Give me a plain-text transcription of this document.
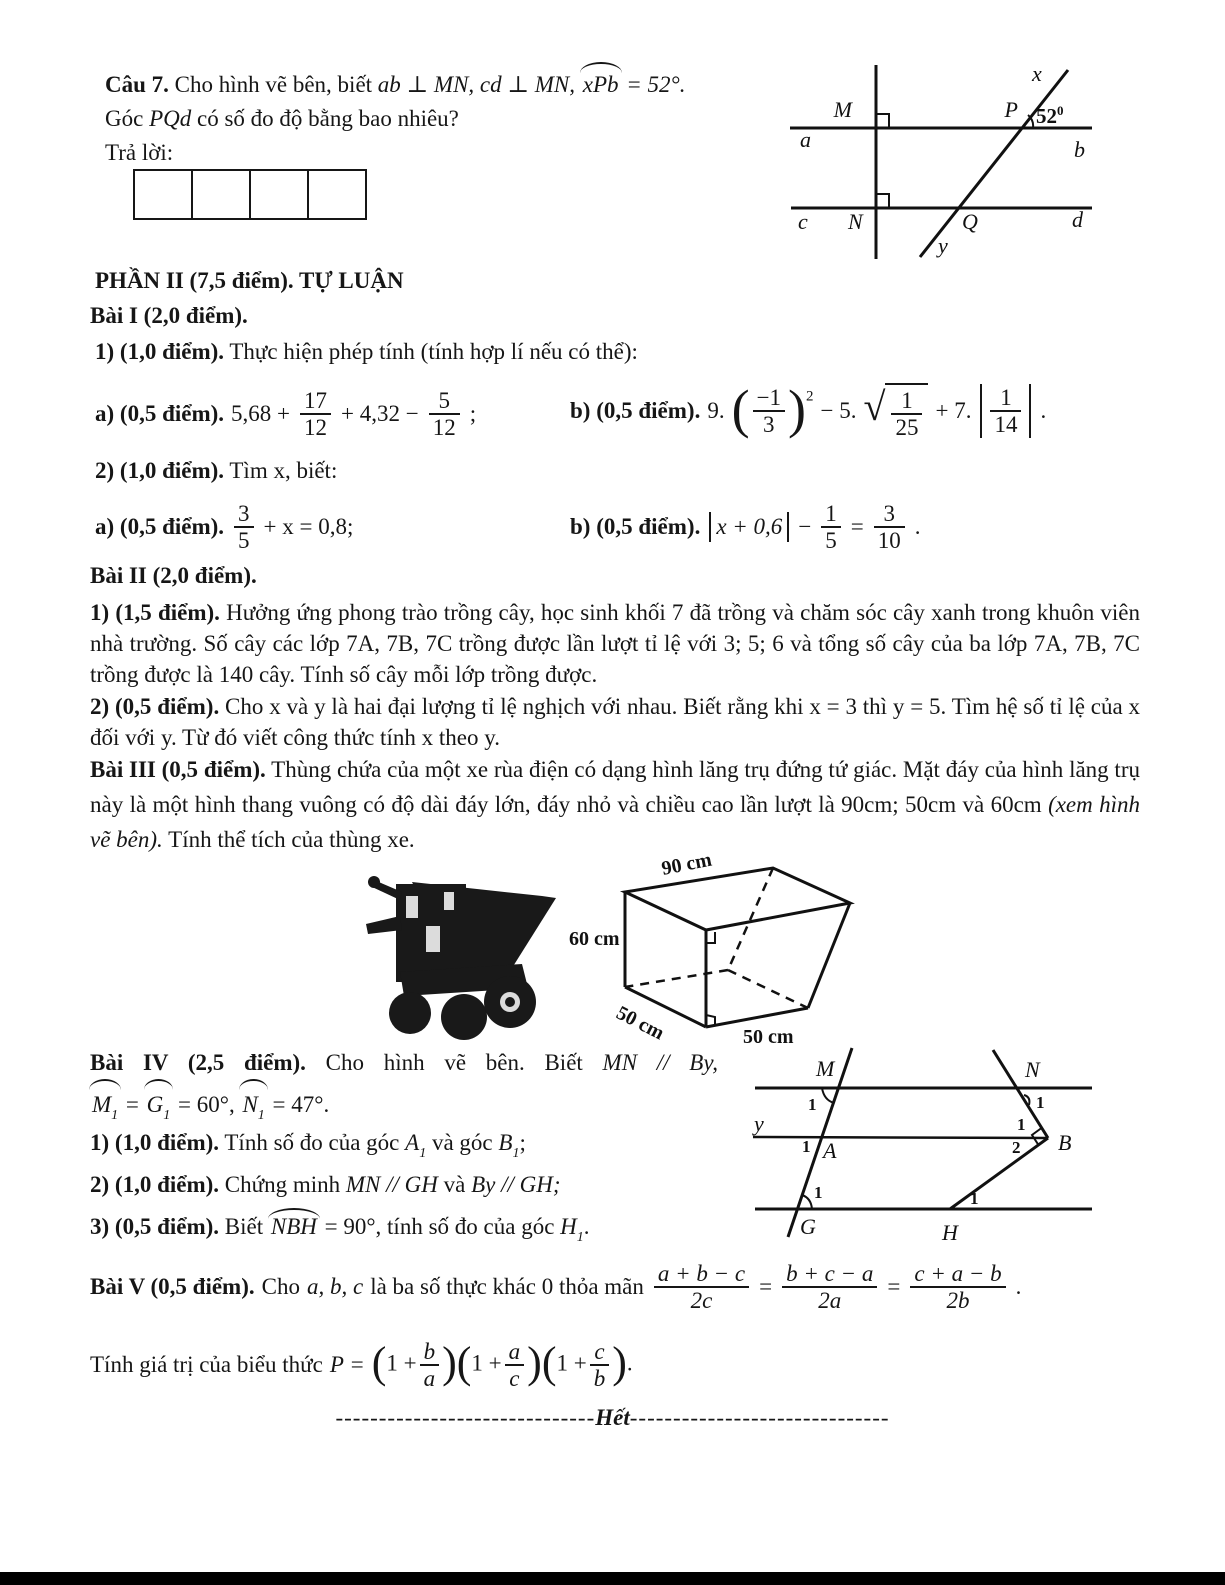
Câu 7. Cho hình vẽ bên, biết ab ⊥ MN, cd ⊥ MN, xPb = 52°.
Góc PQd có số đo độ bằng bao nhiêu?
Trả lời:
M
a	b
x
P $52^0$
c N	Q	d
y
PHẦN II (7,5 điểm). TỰ LUẬN
Bài I (2,0 điểm).
1) (1,0 điểm). Thực hiện phép tính (tính hợp lí nếu có thể):
a) (0,5 điểm). $5,68 + \frac{17}{12} + 4,32 - \frac{5}{12}$ ;	b) (0,5 điểm). 9. ( $\frac{-1}{3} )^2$
− 5. √ $\frac{1}{25} + 7$. $\frac{1}{14}$ .
2) (1,0 điểm). Tìm x, biết:
a) (0,5 điểm). $\frac{3}{5} + x = 0,8$;	b) (0,5 điểm). $x + 0,6 - \frac{1}{5} = \frac{3}{10}$ .
Bài II (2,0 điểm).
1) (1,5 điểm). Hưởng ứng phong trào trồng cây, học sinh khối 7 đã trồng và chăm sóc cây xanh trong khuôn viên nhà trường. Số cây các lớp 7A, 7B, 7C trồng được lần lượt tỉ lệ với 3; 5; 6 và tổng số cây của ba lớp 7A, 7B, 7C trồng được là 140 cây. Tính số cây mỗi lớp trồng được.
2) (0,5 điểm). Cho x và y là hai đại lượng tỉ lệ nghịch với nhau. Biết rằng khi x = 3 thì y = 5. Tìm hệ số tỉ lệ của x đối với y. Từ đó viết công thức tính x theo y.
Bài III (0,5 điểm). Thùng chứa của một xe rùa điện có dạng hình lăng trụ đứng tứ giác. Mặt đáy của hình lăng trụ này là một hình thang vuông có độ dài đáy lớn, đáy nhỏ và chiều cao lần lượt là 90cm; 50cm và 60cm (xem hình vẽ bên). Tính thể tích của thùng xe.
90 cm
60 cm
50 cm	50 cm
Bài IV (2,5 điểm). Cho hình vẽ bên. Biết MN // By, $M_1 = G_1 = 60^\circ$, $N_1 = 47^\circ$.
1) (1,0 điểm). Tính số đo của góc $A_1$ và góc $B_1$;
2) (1,0 điểm). Chứng minh MN // GH và By // GH;
3) (0,5 điểm). Biết NBH = 90°, tính số đo của góc $H_1$.
M	N
y
A	B
G	H
1	1
1
1
2
1	1
Bài V (0,5 điểm). Cho a, b, c là ba số thực khác 0 thỏa mãn $\frac{a + b - c}{2c} = \frac{b + c - a}{2a} = \frac{c + a - b}{2b}$ .
Tính giá trị của biểu thức $P = (1 + \frac{b}{a} )(1 + \frac{a}{c} )(1 + \frac{c}{b}$ ).
------------------------------Hết------------------------------
